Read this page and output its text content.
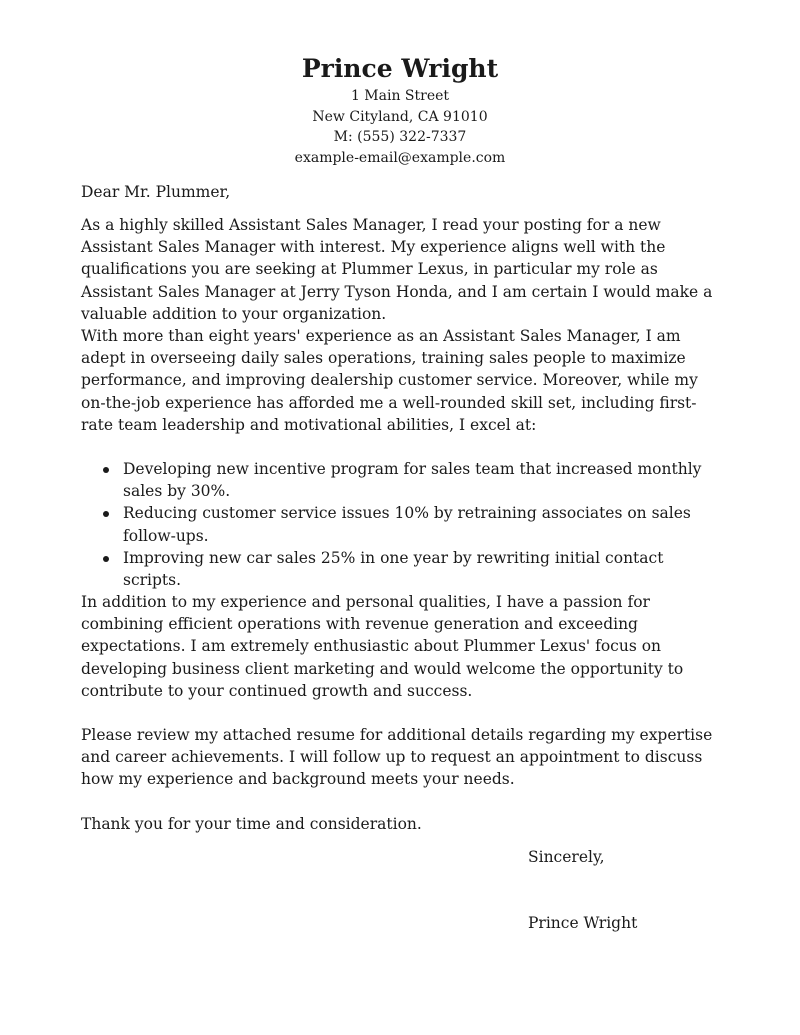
Prince Wright
1 Main Street
New Cityland, CA 91010
M: (555) 322-7337
example-email@example.com
Dear Mr. Plummer,
As a highly skilled Assistant Sales Manager, I read your posting for a new Assistant Sales Manager with interest. My experience aligns well with the qualifications you are seeking at Plummer Lexus, in particular my role as Assistant Sales Manager at Jerry Tyson Honda, and I am certain I would make a valuable addition to your organization.
With more than eight years' experience as an Assistant Sales Manager, I am adept in overseeing daily sales operations, training sales people to maximize performance, and improving dealership customer service. Moreover, while my on-the-job experience has afforded me a well-rounded skill set, including first-rate team leadership and motivational abilities, I excel at:
Developing new incentive program for sales team that increased monthly sales by 30%.
Reducing customer service issues 10% by retraining associates on sales follow-ups.
Improving new car sales 25% in one year by rewriting initial contact scripts.
In addition to my experience and personal qualities, I have a passion for combining efficient operations with revenue generation and exceeding expectations. I am extremely enthusiastic about Plummer Lexus' focus on developing business client marketing and would welcome the opportunity to contribute to your continued growth and success.
Please review my attached resume for additional details regarding my expertise and career achievements. I will follow up to request an appointment to discuss how my experience and background meets your needs.
Thank you for your time and consideration.
Sincerely,
Prince Wright
